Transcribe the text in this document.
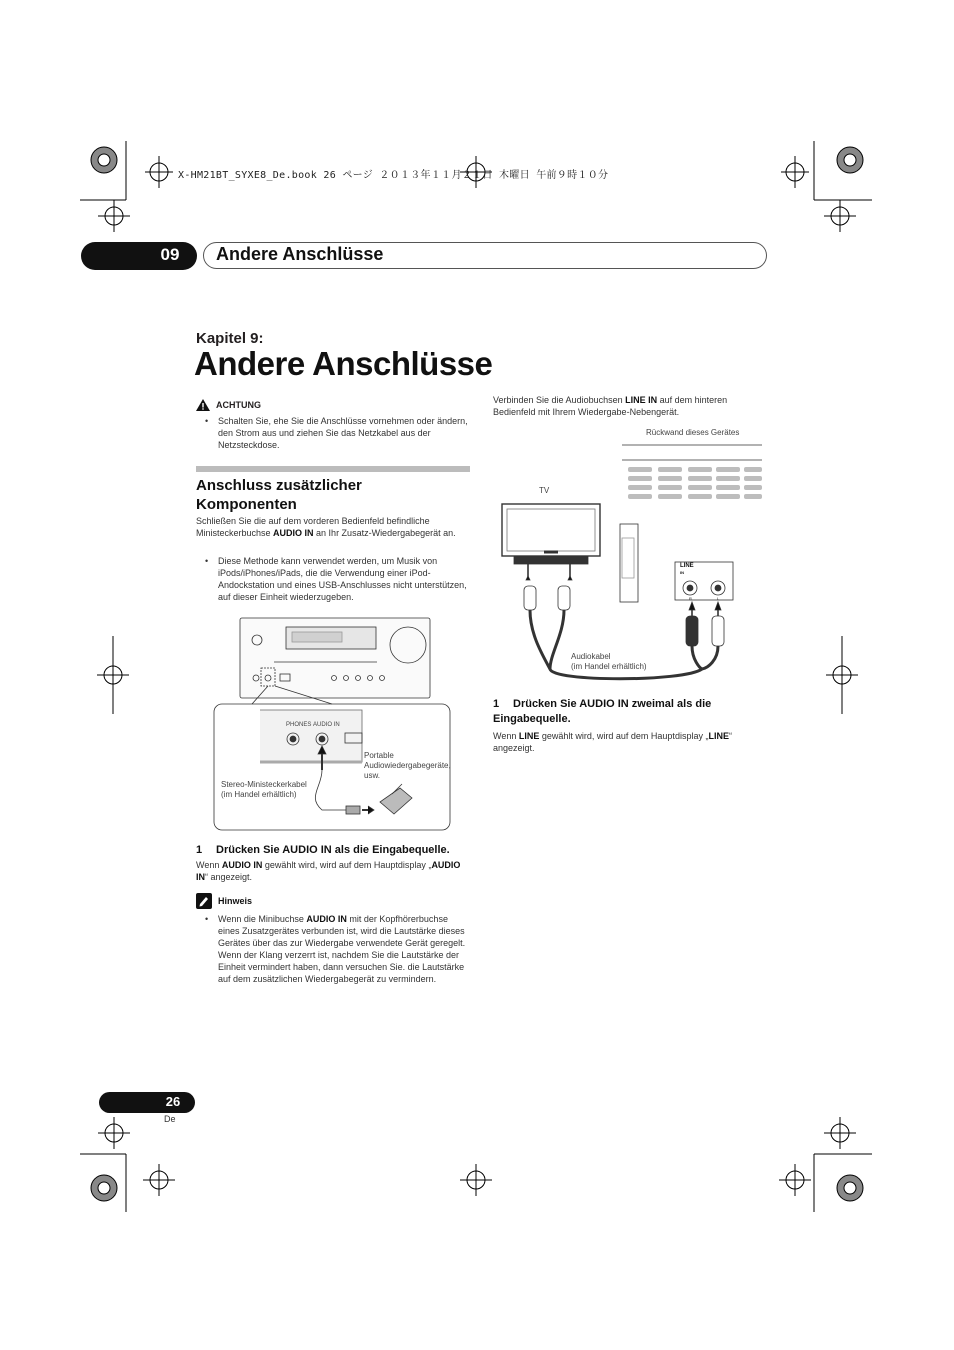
X-HM21BT_SYXE8_De.book 26 ページ ２０１３年１１月２１日 木曜日 午前９時１０分
09	Andere Anschlüsse
Kapitel 9:
Andere Anschlüsse
ACHTUNG
• Schalten Sie, ehe Sie die Anschlüsse vornehmen oder ändern, den Strom aus und ziehen Sie das Netzkabel aus der Netzsteckdose.
Anschluss zusätzlicher Komponenten
Schließen Sie die auf dem vorderen Bedienfeld befindliche Ministeckerbuchse AUDIO IN an Ihr Zusatz-Wiedergabegerät an.
• Diese Methode kann verwendet werden, um Musik von iPods/iPhones/iPads, die die Verwendung einer iPod-Andockstation und eines USB-Anschlusses nicht unterstützen, auf dieser Einheit wiederzugeben.
PHONES AUDIO IN
Portable Audiowiedergabegeräte, usw.
Stereo-Ministeckerkabel (im Handel erhältlich)
1 Drücken Sie AUDIO IN als die Eingabequelle.
Wenn AUDIO IN gewählt wird, wird auf dem Hauptdisplay „AUDIO IN“ angezeigt.
Hinweis
• Wenn die Minibuchse AUDIO IN mit der Kopfhörerbuchse eines Zusatzgerätes verbunden ist, wird die Lautstärke dieses Gerätes über das zur Wiedergabe verwendete Gerät geregelt. Wenn der Klang verzerrt ist, nachdem Sie die Lautstärke der Einheit vermindert haben, dann versuchen Sie. die Lautstärke auf dem zusätzlichen Wiedergabegerät zu vermindern.
Verbinden Sie die Audiobuchsen LINE IN auf dem hinteren Bedienfeld mit Ihrem Wiedergabe-Nebengerät.
Rückwand dieses Gerätes
TV
LINE
IN
R	L
Audiokabel
(im Handel erhältlich)
1 Drücken Sie AUDIO IN zweimal als die Eingabequelle.
Wenn LINE gewählt wird, wird auf dem Hauptdisplay „LINE“ angezeigt.
26
De
